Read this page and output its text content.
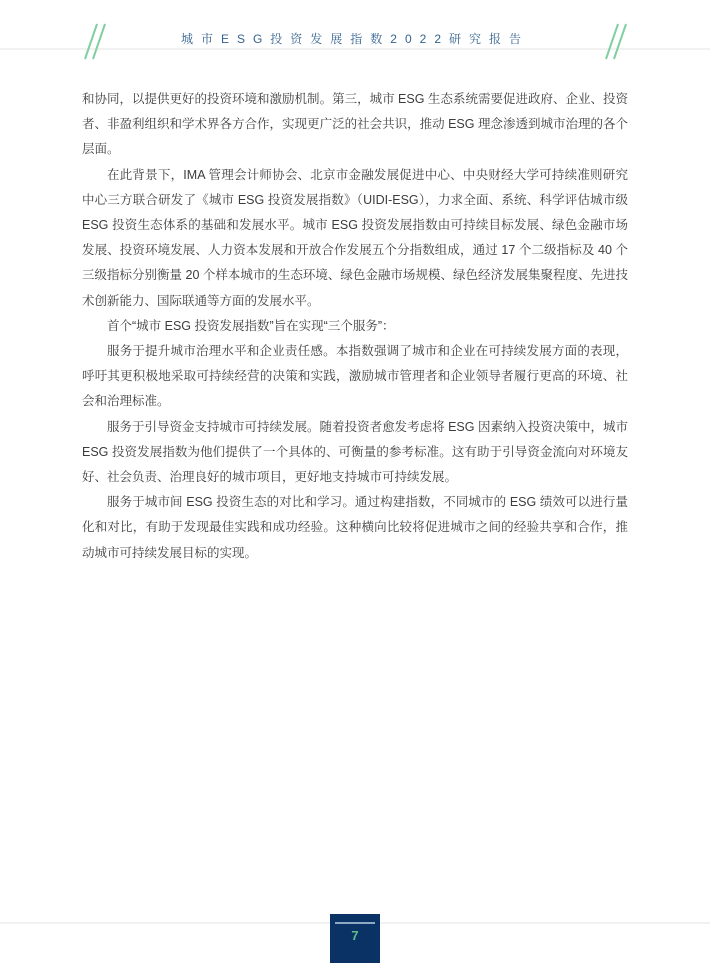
城市ESG投资发展指数2022研究报告

和协同，以提供更好的投资环境和激励机制。第三，城市 ESG 生态系统需要促进政府、企业、投资者、非盈利组织和学术界各方合作，实现更广泛的社会共识，推动 ESG 理念渗透到城市治理的各个层面。

在此背景下，IMA 管理会计师协会、北京市金融发展促进中心、中央财经大学可持续准则研究中心三方联合研发了《城市 ESG 投资发展指数》（UIDI-ESG），力求全面、系统、科学评估城市级 ESG 投资生态体系的基础和发展水平。城市 ESG 投资发展指数由可持续目标发展、绿色金融市场发展、投资环境发展、人力资本发展和开放合作发展五个分指数组成，通过 17 个二级指标及 40 个三级指标分别衡量 20 个样本城市的生态环境、绿色金融市场规模、绿色经济发展集聚程度、先进技术创新能力、国际联通等方面的发展水平。

首个“城市 ESG 投资发展指数”旨在实现“三个服务”：

服务于提升城市治理水平和企业责任感。本指数强调了城市和企业在可持续发展方面的表现，呼吁其更积极地采取可持续经营的决策和实践，激励城市管理者和企业领导者履行更高的环境、社会和治理标准。

服务于引导资金支持城市可持续发展。随着投资者愈发考虑将 ESG 因素纳入投资决策中，城市 ESG 投资发展指数为他们提供了一个具体的、可衡量的参考标准。这有助于引导资金流向对环境友好、社会负责、治理良好的城市项目，更好地支持城市可持续发展。

服务于城市间 ESG 投资生态的对比和学习。通过构建指数，不同城市的 ESG 绩效可以进行量化和对比，有助于发现最佳实践和成功经验。这种横向比较将促进城市之间的经验共享和合作，推动城市可持续发展目标的实现。

7
